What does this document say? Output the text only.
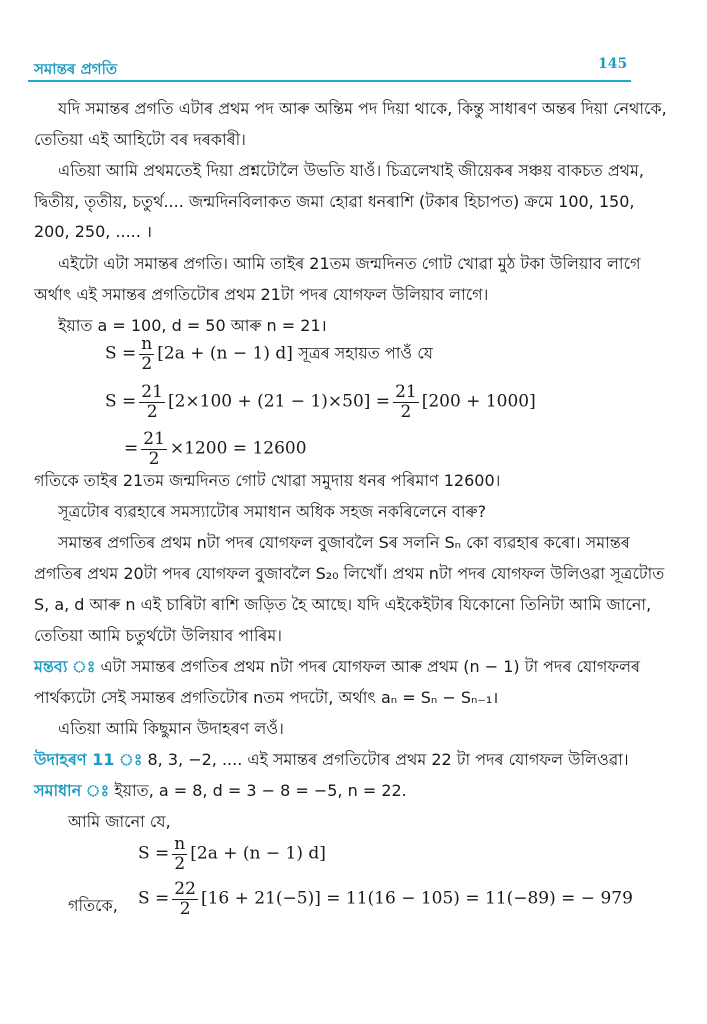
সমান্তৰ প্ৰগতি	145
যদি সমান্তৰ প্ৰগতি এটাৰ প্ৰথম পদ আৰু অন্তিম পদ দিয়া থাকে, কিন্তু সাধাৰণ অন্তৰ দিয়া নেথাকে,
তেতিয়া এই আহিটো বৰ দৰকাৰী।
এতিয়া আমি প্ৰথমতেই দিয়া প্ৰশ্নটোলৈ উভতি যাওঁ। চিত্ৰলেখাই জীয়েকৰ সঞ্চয় বাকচত প্ৰথম,
দ্বিতীয়, তৃতীয়, চতুৰ্থ.... জন্মদিনবিলাকত জমা হোৱা ধনৰাশি (টকাৰ হিচাপত) ক্ৰমে 100, 150,
200, 250, ..... ।
এইটো এটা সমান্তৰ প্ৰগতি। আমি তাইৰ 21তম জন্মদিনত গোট খোৱা মুঠ টকা উলিয়াব লাগে
অৰ্থাৎ এই সমান্তৰ প্ৰগতিটোৰ প্ৰথম 21টা পদৰ যোগফল উলিয়াব লাগে।
ইয়াত a = 100, d = 50 আৰু n = 21।
$S = \frac{n}{2} [2a + (n - 1)$ d] সূত্ৰৰ সহায়ত পাওঁ যে
$S = \frac{21}{2} [2\times 100 + (21 - 1)\times 50] = \frac{21}{2} [200 + 1000]$
= $\frac{21}{2} \times 1200 = 12600$
গতিকে তাইৰ 21তম জন্মদিনত গোট খোৱা সমুদায় ধনৰ পৰিমাণ 12600।
সূত্ৰটোৰ ব্যৱহাৰে সমস্যাটোৰ সমাধান অধিক সহজ নকৰিলেনে বাৰু?
সমান্তৰ প্ৰগতিৰ প্ৰথম nটা পদৰ যোগফল বুজাবলৈ Sৰ সলনি Sₙ কো ব্যৱহাৰ কৰো। সমান্তৰ
প্ৰগতিৰ প্ৰথম 20টা পদৰ যোগফল বুজাবলৈ S₂₀ লিখোঁ। প্ৰথম nটা পদৰ যোগফল উলিওৱা সূত্ৰটোত
S, a, d আৰু n এই চাৰিটা ৰাশি জড়িত হৈ আছে। যদি এইকেইটাৰ যিকোনো তিনিটা আমি জানো,
তেতিয়া আমি চতুৰ্থটো উলিয়াব পাৰিম।
মন্তব্য ঃ এটা সমান্তৰ প্ৰগতিৰ প্ৰথম nটা পদৰ যোগফল আৰু প্ৰথম (n − 1) টা পদৰ যোগফলৰ
পাৰ্থক্যটো সেই সমান্তৰ প্ৰগতিটোৰ nতম পদটো, অৰ্থাৎ aₙ = Sₙ − Sₙ₋₁।
এতিয়া আমি কিছুমান উদাহৰণ লওঁ।
উদাহৰণ 11 ঃ 8, 3, −2, .... এই সমান্তৰ প্ৰগতিটোৰ প্ৰথম 22 টা পদৰ যোগফল উলিওৱা।
সমাধান ঃ ইয়াত, a = 8, d = 3 − 8 = −5, n = 22.
আমি জানো যে,
$S = \frac{n}{2} [2a + (n - 1)$ d]
গতিকে, $S = \frac{22}{2} [16 + 21(-5)] = 11(16 - 105) = 11(-89)$ = − 979
